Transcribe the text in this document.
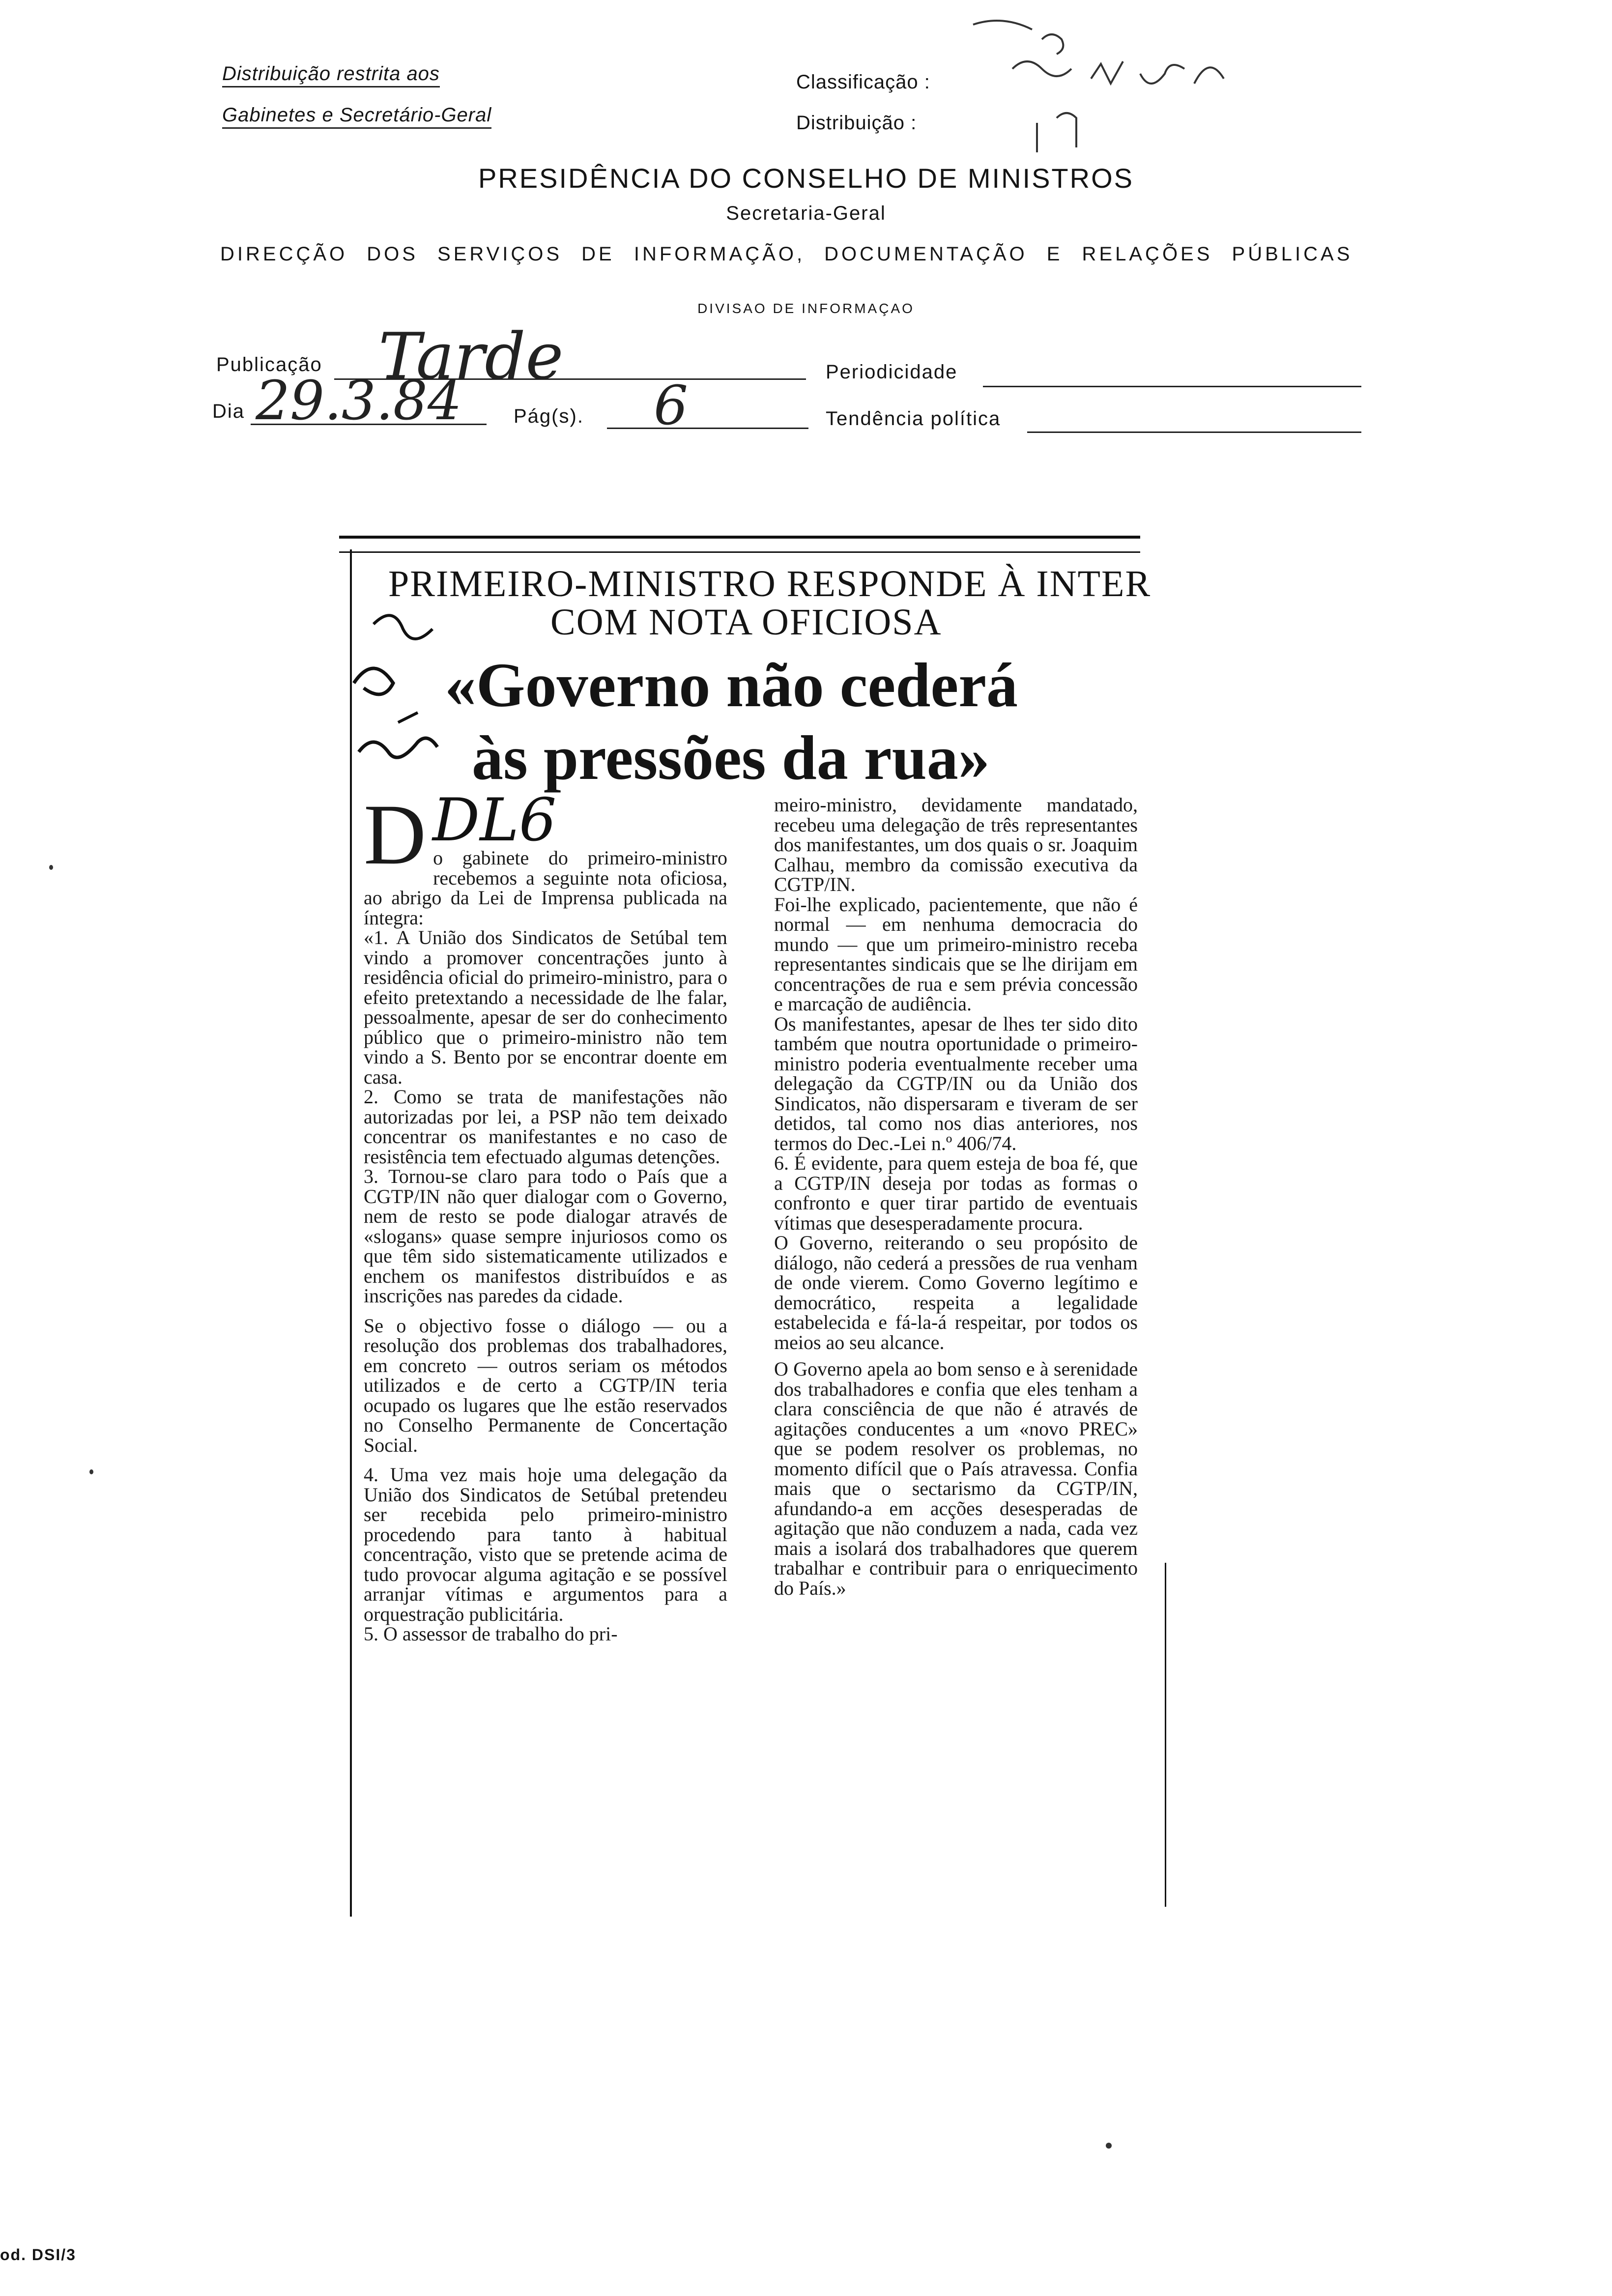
Distribuição restrita aos
Gabinetes e Secretário-Geral
Classificação :
Distribuição :
PRESIDÊNCIA DO CONSELHO DE MINISTROS
Secretaria-Geral
DIRECÇÃO DOS SERVIÇOS DE INFORMAÇÃO, DOCUMENTAÇÃO E RELAÇÕES PÚBLICAS
DIVISAO DE INFORMAÇAO
Publicação Tarde	Periodicidade
Dia 29.3.84	Pág(s). 6	Tendência política
PRIMEIRO-MINISTRO RESPONDE À INTER
COM NOTA OFICIOSA
«Governo não cederá
às pressões da rua»
DL6
D o gabinete do primeiro-ministro recebemos a seguinte nota oficiosa, ao abrigo da Lei de Imprensa publicada na íntegra:

«1. A União dos Sindicatos de Setúbal tem vindo a promover concentrações junto à residência oficial do primeiro-ministro, para o efeito pretextando a necessidade de lhe falar, pessoalmente, apesar de ser do conhecimento público que o primeiro-ministro não tem vindo a S. Bento por se encontrar doente em casa.

2. Como se trata de manifestações não autorizadas por lei, a PSP não tem deixado concentrar os manifestantes e no caso de resistência tem efectuado algumas detenções.

3. Tornou-se claro para todo o País que a CGTP/IN não quer dialogar com o Governo, nem de resto se pode dialogar através de «slogans» quase sempre injuriosos como os que têm sido sistematicamente utilizados e enchem os manifestos distribuídos e as inscrições nas paredes da cidade.

Se o objectivo fosse o diálogo — ou a resolução dos problemas dos trabalhadores, em concreto — outros seriam os métodos utilizados e de certo a CGTP/IN teria ocupado os lugares que lhe estão reservados no Conselho Permanente de Concertação Social.

4. Uma vez mais hoje uma delegação da União dos Sindicatos de Setúbal pretendeu ser recebida pelo primeiro-ministro procedendo para tanto à habitual concentração, visto que se pretende acima de tudo provocar alguma agitação e se possível arranjar vítimas e argumentos para a orquestração publicitária.

5. O assessor de trabalho do pri-

meiro-ministro, devidamente mandatado, recebeu uma delegação de três representantes dos manifestantes, um dos quais o sr. Joaquim Calhau, membro da comissão executiva da CGTP/IN.

Foi-lhe explicado, pacientemente, que não é normal — em nenhuma democracia do mundo — que um primeiro-ministro receba representantes sindicais que se lhe dirijam em concentrações de rua e sem prévia concessão e marcação de audiência.

Os manifestantes, apesar de lhes ter sido dito também que noutra oportunidade o primeiro-ministro poderia eventualmente receber uma delegação da CGTP/IN ou da União dos Sindicatos, não dispersaram e tiveram de ser detidos, tal como nos dias anteriores, nos termos do Dec.-Lei n.º 406/74.

6. É evidente, para quem esteja de boa fé, que a CGTP/IN deseja por todas as formas o confronto e quer tirar partido de eventuais vítimas que desesperadamente procura.

O Governo, reiterando o seu propósito de diálogo, não cederá a pressões de rua venham de onde vierem. Como Governo legítimo e democrático, respeita a legalidade estabelecida e fá-la-á respeitar, por todos os meios ao seu alcance.

O Governo apela ao bom senso e à serenidade dos trabalhadores e confia que eles tenham a clara consciência de que não é através de agitações conducentes a um «novo PREC» que se podem resolver os problemas, no momento difícil que o País atravessa. Confia mais que o sectarismo da CGTP/IN, afundando-a em acções desesperadas de agitação que não conduzem a nada, cada vez mais a isolará dos trabalhadores que querem trabalhar e contribuir para o enriquecimento do País.»

od. DSI/3
